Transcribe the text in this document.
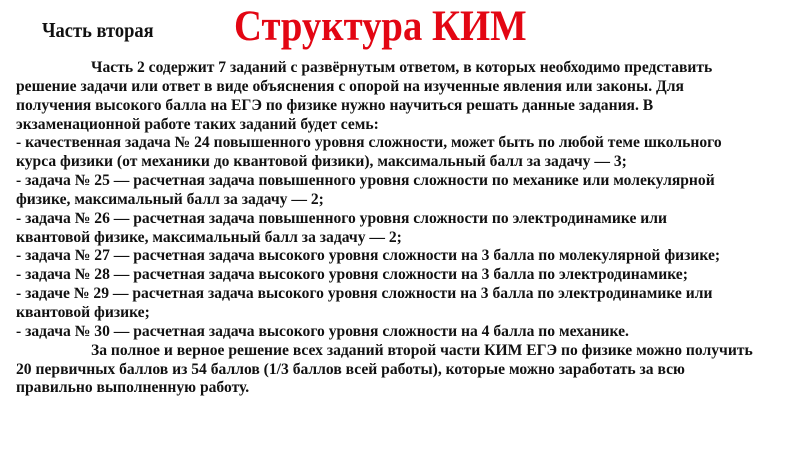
Часть вторая Структура КИМ
Часть 2 содержит 7 заданий с развёрнутым ответом, в которых необходимо представить
решение задачи или ответ в виде объяснения с опорой на изученные явления или законы. Для
получения высокого балла на ЕГЭ по физике нужно научиться решать данные задания. В
экзаменационной работе таких заданий будет семь:
- качественная задача № 24 повышенного уровня сложности, может быть по любой теме школьного
курса физики (от механики до квантовой физики), максимальный балл за задачу — 3;
- задача № 25 — расчетная задача повышенного уровня сложности по механике или молекулярной
физике, максимальный балл за задачу — 2;
- задача № 26 — расчетная задача повышенного уровня сложности по электродинамике или
квантовой физике, максимальный балл за задачу — 2;
- задача № 27 — расчетная задача высокого уровня сложности на 3 балла по молекулярной физике;
- задача № 28 — расчетная задача высокого уровня сложности на 3 балла по электродинамике;
- задаче № 29 — расчетная задача высокого уровня сложности на 3 балла по электродинамике или
квантовой физике;
- задача № 30 — расчетная задача высокого уровня сложности на 4 балла по механике.
За полное и верное решение всех заданий второй части КИМ ЕГЭ по физике можно получить
20 первичных баллов из 54 баллов (1/3 баллов всей работы), которые можно заработать за всю
правильно выполненную работу.
